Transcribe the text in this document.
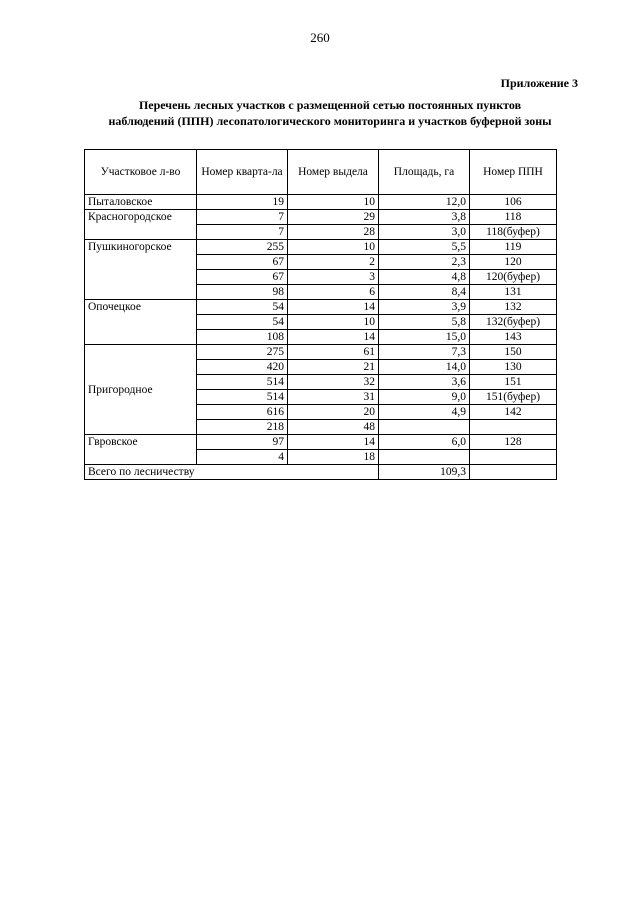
260
Приложение 3
Перечень лесных участков с размещенной сетью постоянных пунктов
наблюдений (ППН) лесопатологического мониторинга и участков буферной зоны
Участковое л-во	Номер кварта-ла	Номер выдела	Площадь, га	Номер ППН
Пыталовское	19	10	12,0	106
Красногородское	7	29	3,8	118
	7	28	3,0	118(буфер)
Пушкиногорское	255	10	5,5	119
	67	2	2,3	120
	67	3	4,8	120(буфер)
	98	6	8,4	131
Опочецкое	54	14	3,9	132
	54	10	5,8	132(буфер)
	108	14	15,0	143
Пригородное	275	61	7,3	150
	420	21	14,0	130
	514	32	3,6	151
	514	31	9,0	151(буфер)
	616	20	4,9	142
	218	48		
Гвровское	97	14	6,0	128
	4	18		
Всего по лесничеству			109,3	
